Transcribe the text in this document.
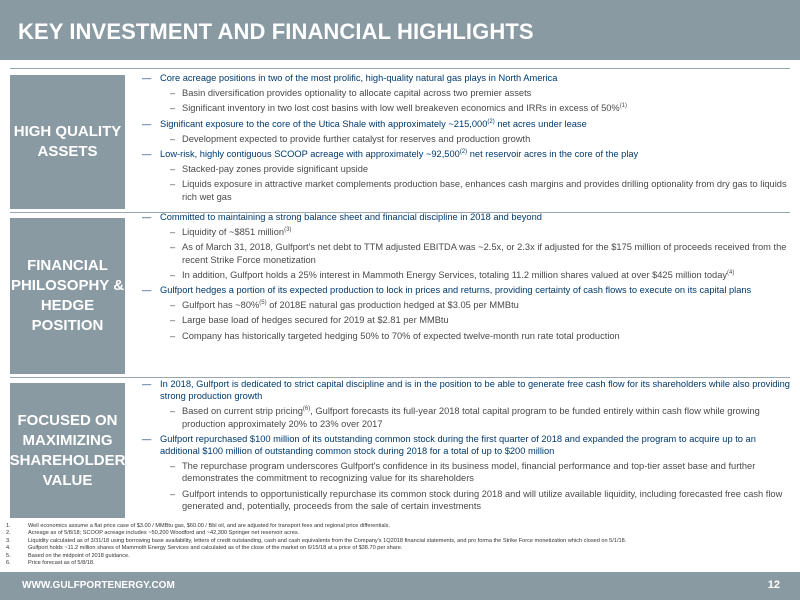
KEY INVESTMENT AND FINANCIAL HIGHLIGHTS
HIGH QUALITY ASSETS
— Core acreage positions in two of the most prolific, high-quality natural gas plays in North America
– Basin diversification provides optionality to allocate capital across two premier assets
– Significant inventory in two lost cost basins with low well breakeven economics and IRRs in excess of 50%$^{(1)}$
— Significant exposure to the core of the Utica Shale with approximately ~215,000$^{(2)}$ net acres under lease
– Development expected to provide further catalyst for reserves and production growth
— Low-risk, highly contiguous SCOOP acreage with approximately ~92,500$^{(2)}$ net reservoir acres in the core of the play
– Stacked-pay zones provide significant upside
– Liquids exposure in attractive market complements production base, enhances cash margins and provides drilling optionality from dry gas to liquids rich wet gas
FINANCIAL PHILOSOPHY & HEDGE POSITION
— Committed to maintaining a strong balance sheet and financial discipline in 2018 and beyond
– Liquidity of ~$851 million$^{(3)}$
– As of March 31, 2018, Gulfport's net debt to TTM adjusted EBITDA was ~2.5x, or 2.3x if adjusted for the $175 million of proceeds received from the recent Strike Force monetization
– In addition, Gulfport holds a 25% interest in Mammoth Energy Services, totaling 11.2 million shares valued at over $425 million today$^{(4)}$
— Gulfport hedges a portion of its expected production to lock in prices and returns, providing certainty of cash flows to execute on its capital plans
– Gulfport has ~80%$^{(5)}$ of 2018E natural gas production hedged at $3.05 per MMBtu
– Large base load of hedges secured for 2019 at $2.81 per MMBtu
– Company has historically targeted hedging 50% to 70% of expected twelve-month run rate total production
FOCUSED ON MAXIMIZING SHAREHOLDER VALUE
— In 2018, Gulfport is dedicated to strict capital discipline and is in the position to be able to generate free cash flow for its shareholders while also providing strong production growth
– Based on current strip pricing$^{(6)}$, Gulfport forecasts its full-year 2018 total capital program to be funded entirely within cash flow while growing production approximately 20% to 23% over 2017
— Gulfport repurchased $100 million of its outstanding common stock during the first quarter of 2018 and expanded the program to acquire up to an additional $100 million of outstanding common stock during 2018 for a total of up to $200 million
– The repurchase program underscores Gulfport's confidence in its business model, financial performance and top-tier asset base and further demonstrates the commitment to recognizing value for its shareholders
– Gulfport intends to opportunistically repurchase its common stock during 2018 and will utilize available liquidity, including forecasted free cash flow generated and, potentially, proceeds from the sale of certain investments
1.	Well economics assume a flat price case of $3.00 / MMBtu gas, $60.00 / Bbl oil, and are adjusted for transport fees and regional price differentials.
2.	Acreage as of 5/8/18; SCOOP acreage includes ~50,200 Woodford and ~42,300 Springer net reservoir acres.
3.	Liquidity calculated as of 3/31/18 using borrowing base availability, letters of credit outstanding, cash and cash equivalents from the Company's 1Q2018 financial statements, and pro forma the Strike Force monetization which closed on 5/1/18.
4.	Gulfport holds ~11.2 million shares of Mammoth Energy Services and calculated as of the close of the market on 6/15/18 at a price of $38.70 per share.
5.	Based on the midpoint of 2018 guidance.
6.	Price forecast as of 5/8/18.
WWW.GULFPORTENERGY.COM	12
